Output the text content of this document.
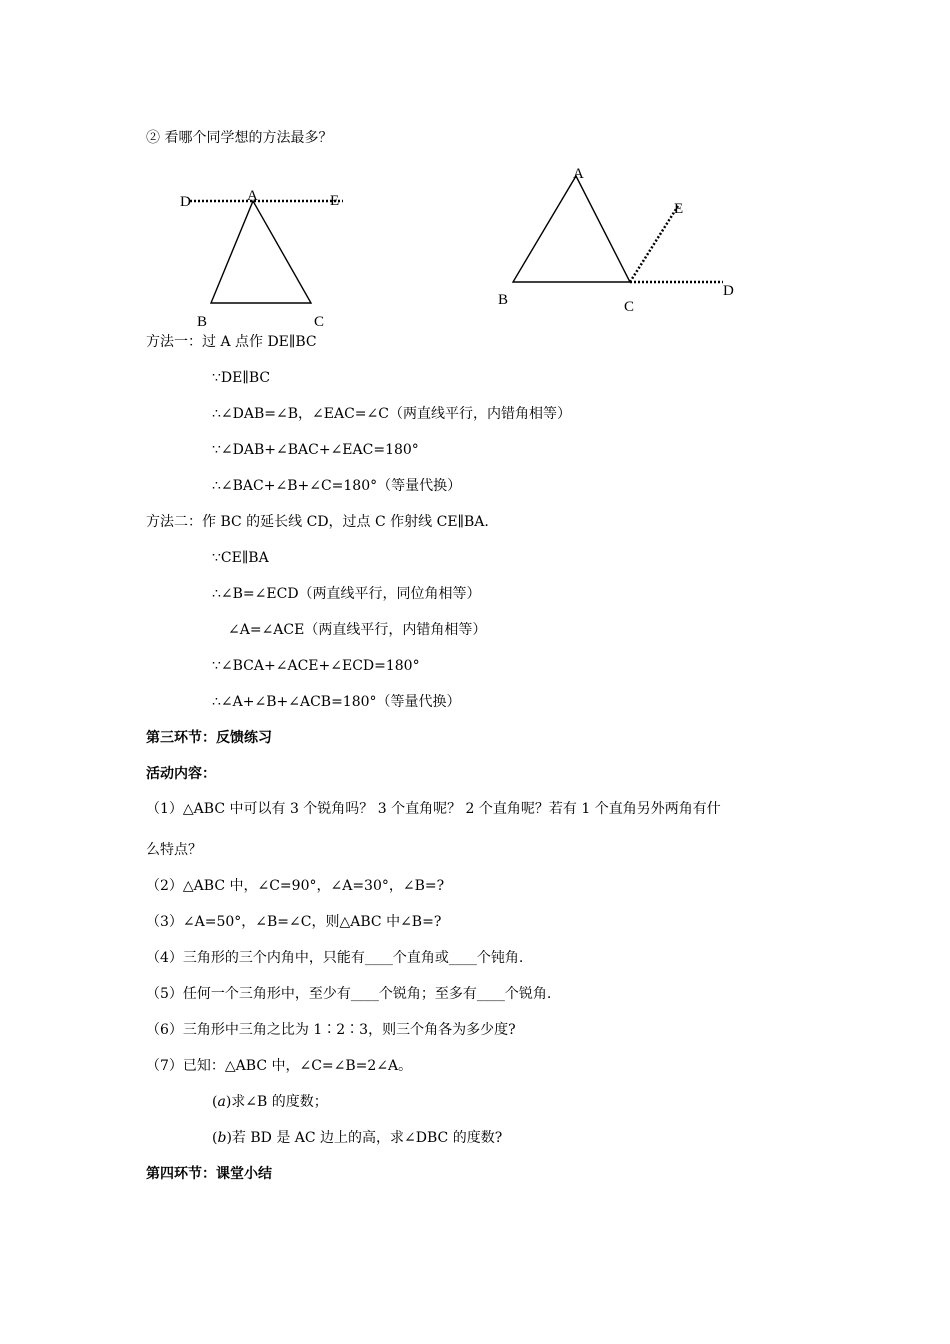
D	A	E
B	C
A
E
B	C
D
② 看哪个同学想的方法最多？
方法一：过 A 点作 DE∥BC
∵DE∥BC
∴∠DAB=∠B，∠EAC=∠C（两直线平行，内错角相等）
∵∠DAB+∠BAC+∠EAC=180°
∴∠BAC+∠B+∠C=180°（等量代换）
方法二：作 BC 的延长线 CD，过点 C 作射线 CE∥BA.
∵CE∥BA
∴∠B=∠ECD（两直线平行，同位角相等）
∠A=∠ACE（两直线平行，内错角相等）
∵∠BCA+∠ACE+∠ECD=180°
∴∠A+∠B+∠ACB=180°（等量代换）
第三环节：反馈练习
活动内容：
（1）△ABC 中可以有 3 个锐角吗？ 3 个直角呢？ 2 个直角呢？若有 1 个直角另外两角有什
么特点？
（2）△ABC 中，∠C=90°，∠A=30°，∠B=?
（3）∠A=50°，∠B=∠C，则△ABC 中∠B=?
（4）三角形的三个内角中，只能有____个直角或____个钝角.
（5）任何一个三角形中，至少有____个锐角；至多有____个锐角.
（6）三角形中三角之比为 1∶2∶3，则三个角各为多少度?
（7）已知：△ABC 中，∠C=∠B=2∠A。
(a)求∠B 的度数；
(b)若 BD 是 AC 边上的高，求∠DBC 的度数?
第四环节：课堂小结
